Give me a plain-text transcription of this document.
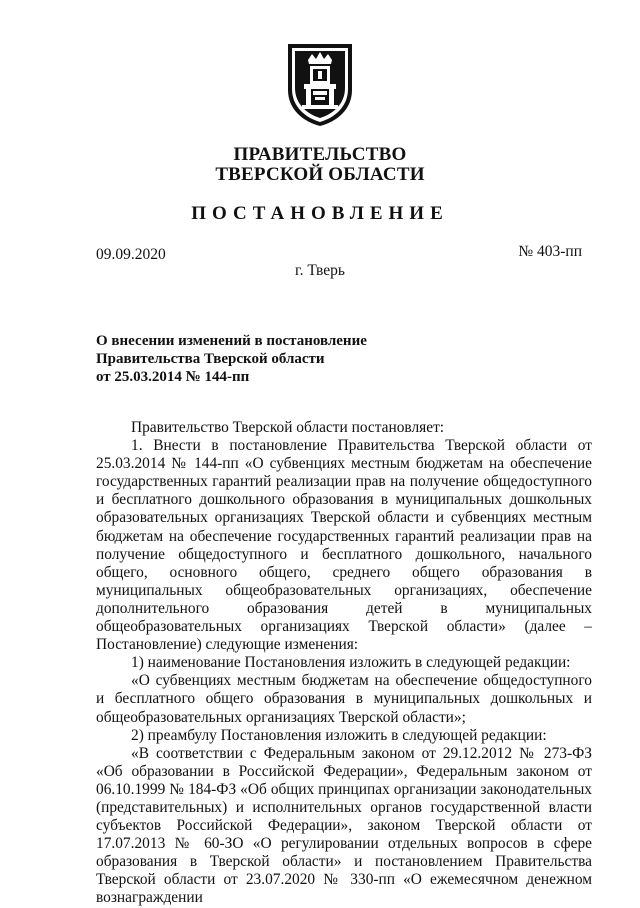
ПРАВИТЕЛЬСТВО
ТВЕРСКОЙ ОБЛАСТИ
ПОСТАНОВЛЕНИЕ
09.09.2020	№ 403-пп
г. Тверь
О внесении изменений в постановление
Правительства Тверской области
от 25.03.2014 № 144-пп

Правительство Тверской области постановляет:

1. Внести в постановление Правительства Тверской области от 25.03.2014 № 144-пп «О субвенциях местным бюджетам на обеспечение государственных гарантий реализации прав на получение общедоступного и бесплатного дошкольного образования в муниципальных дошкольных образовательных организациях Тверской области и субвенциях местным бюджетам на обеспечение государственных гарантий реализации прав на получение общедоступного и бесплатного дошкольного, начального общего, основного общего, среднего общего образования в муниципальных общеобразовательных организациях, обеспечение дополнительного образования детей в муниципальных общеобразовательных организациях Тверской области» (далее – Постановление) следующие изменения:

1) наименование Постановления изложить в следующей редакции:

«О субвенциях местным бюджетам на обеспечение общедоступного и бесплатного общего образования в муниципальных дошкольных и общеобразовательных организациях Тверской области»;

2) преамбулу Постановления изложить в следующей редакции:

«В соответствии с Федеральным законом от 29.12.2012 № 273-ФЗ «Об образовании в Российской Федерации», Федеральным законом от 06.10.1999 № 184-ФЗ «Об общих принципах организации законодательных (представительных) и исполнительных органов государственной власти субъектов Российской Федерации», законом Тверской области от 17.07.2013 № 60-ЗО «О регулировании отдельных вопросов в сфере образования в Тверской области» и постановлением Правительства Тверской области от 23.07.2020 № 330-пп «О ежемесячном денежном вознаграждении
